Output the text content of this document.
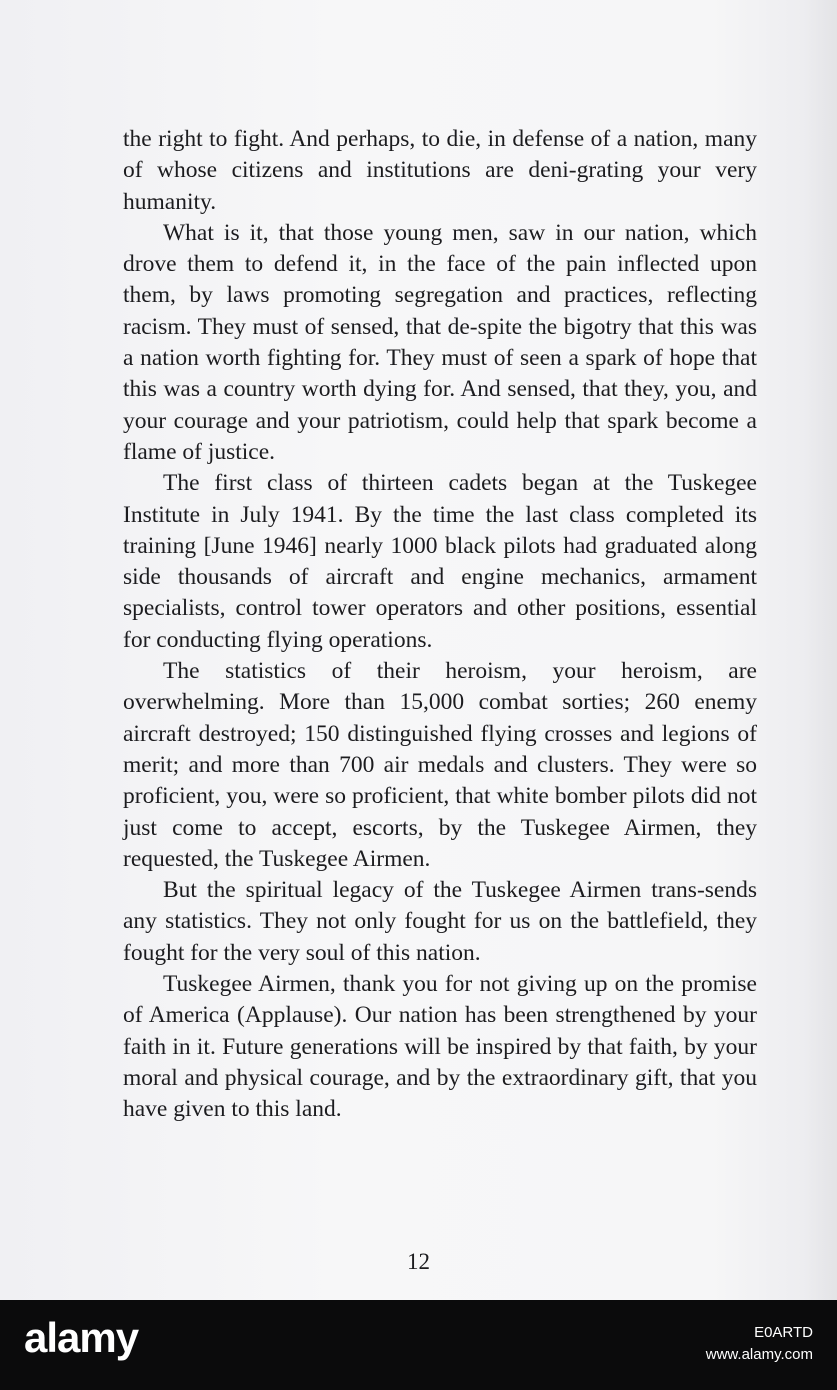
the right to fight. And perhaps, to die, in defense of a nation, many of whose citizens and institutions are deni-grating your very humanity.

What is it, that those young men, saw in our nation, which drove them to defend it, in the face of the pain inflected upon them, by laws promoting segregation and practices, reflecting racism. They must of sensed, that de-spite the bigotry that this was a nation worth fighting for. They must of seen a spark of hope that this was a country worth dying for. And sensed, that they, you, and your courage and your patriotism, could help that spark become a flame of justice.

The first class of thirteen cadets began at the Tuskegee Institute in July 1941. By the time the last class completed its training [June 1946] nearly 1000 black pilots had graduated along side thousands of aircraft and engine mechanics, armament specialists, control tower operators and other positions, essential for conducting flying operations.

The statistics of their heroism, your heroism, are overwhelming. More than 15,000 combat sorties; 260 enemy aircraft destroyed; 150 distinguished flying crosses and legions of merit; and more than 700 air medals and clusters. They were so proficient, you, were so proficient, that white bomber pilots did not just come to accept, escorts, by the Tuskegee Airmen, they requested, the Tuskegee Airmen.

But the spiritual legacy of the Tuskegee Airmen trans-sends any statistics. They not only fought for us on the battlefield, they fought for the very soul of this nation.

Tuskegee Airmen, thank you for not giving up on the promise of America (Applause). Our nation has been strengthened by your faith in it. Future generations will be inspired by that faith, by your moral and physical courage, and by the extraordinary gift, that you have given to this land.

12
alamy	E0ARTD
www.alamy.com
